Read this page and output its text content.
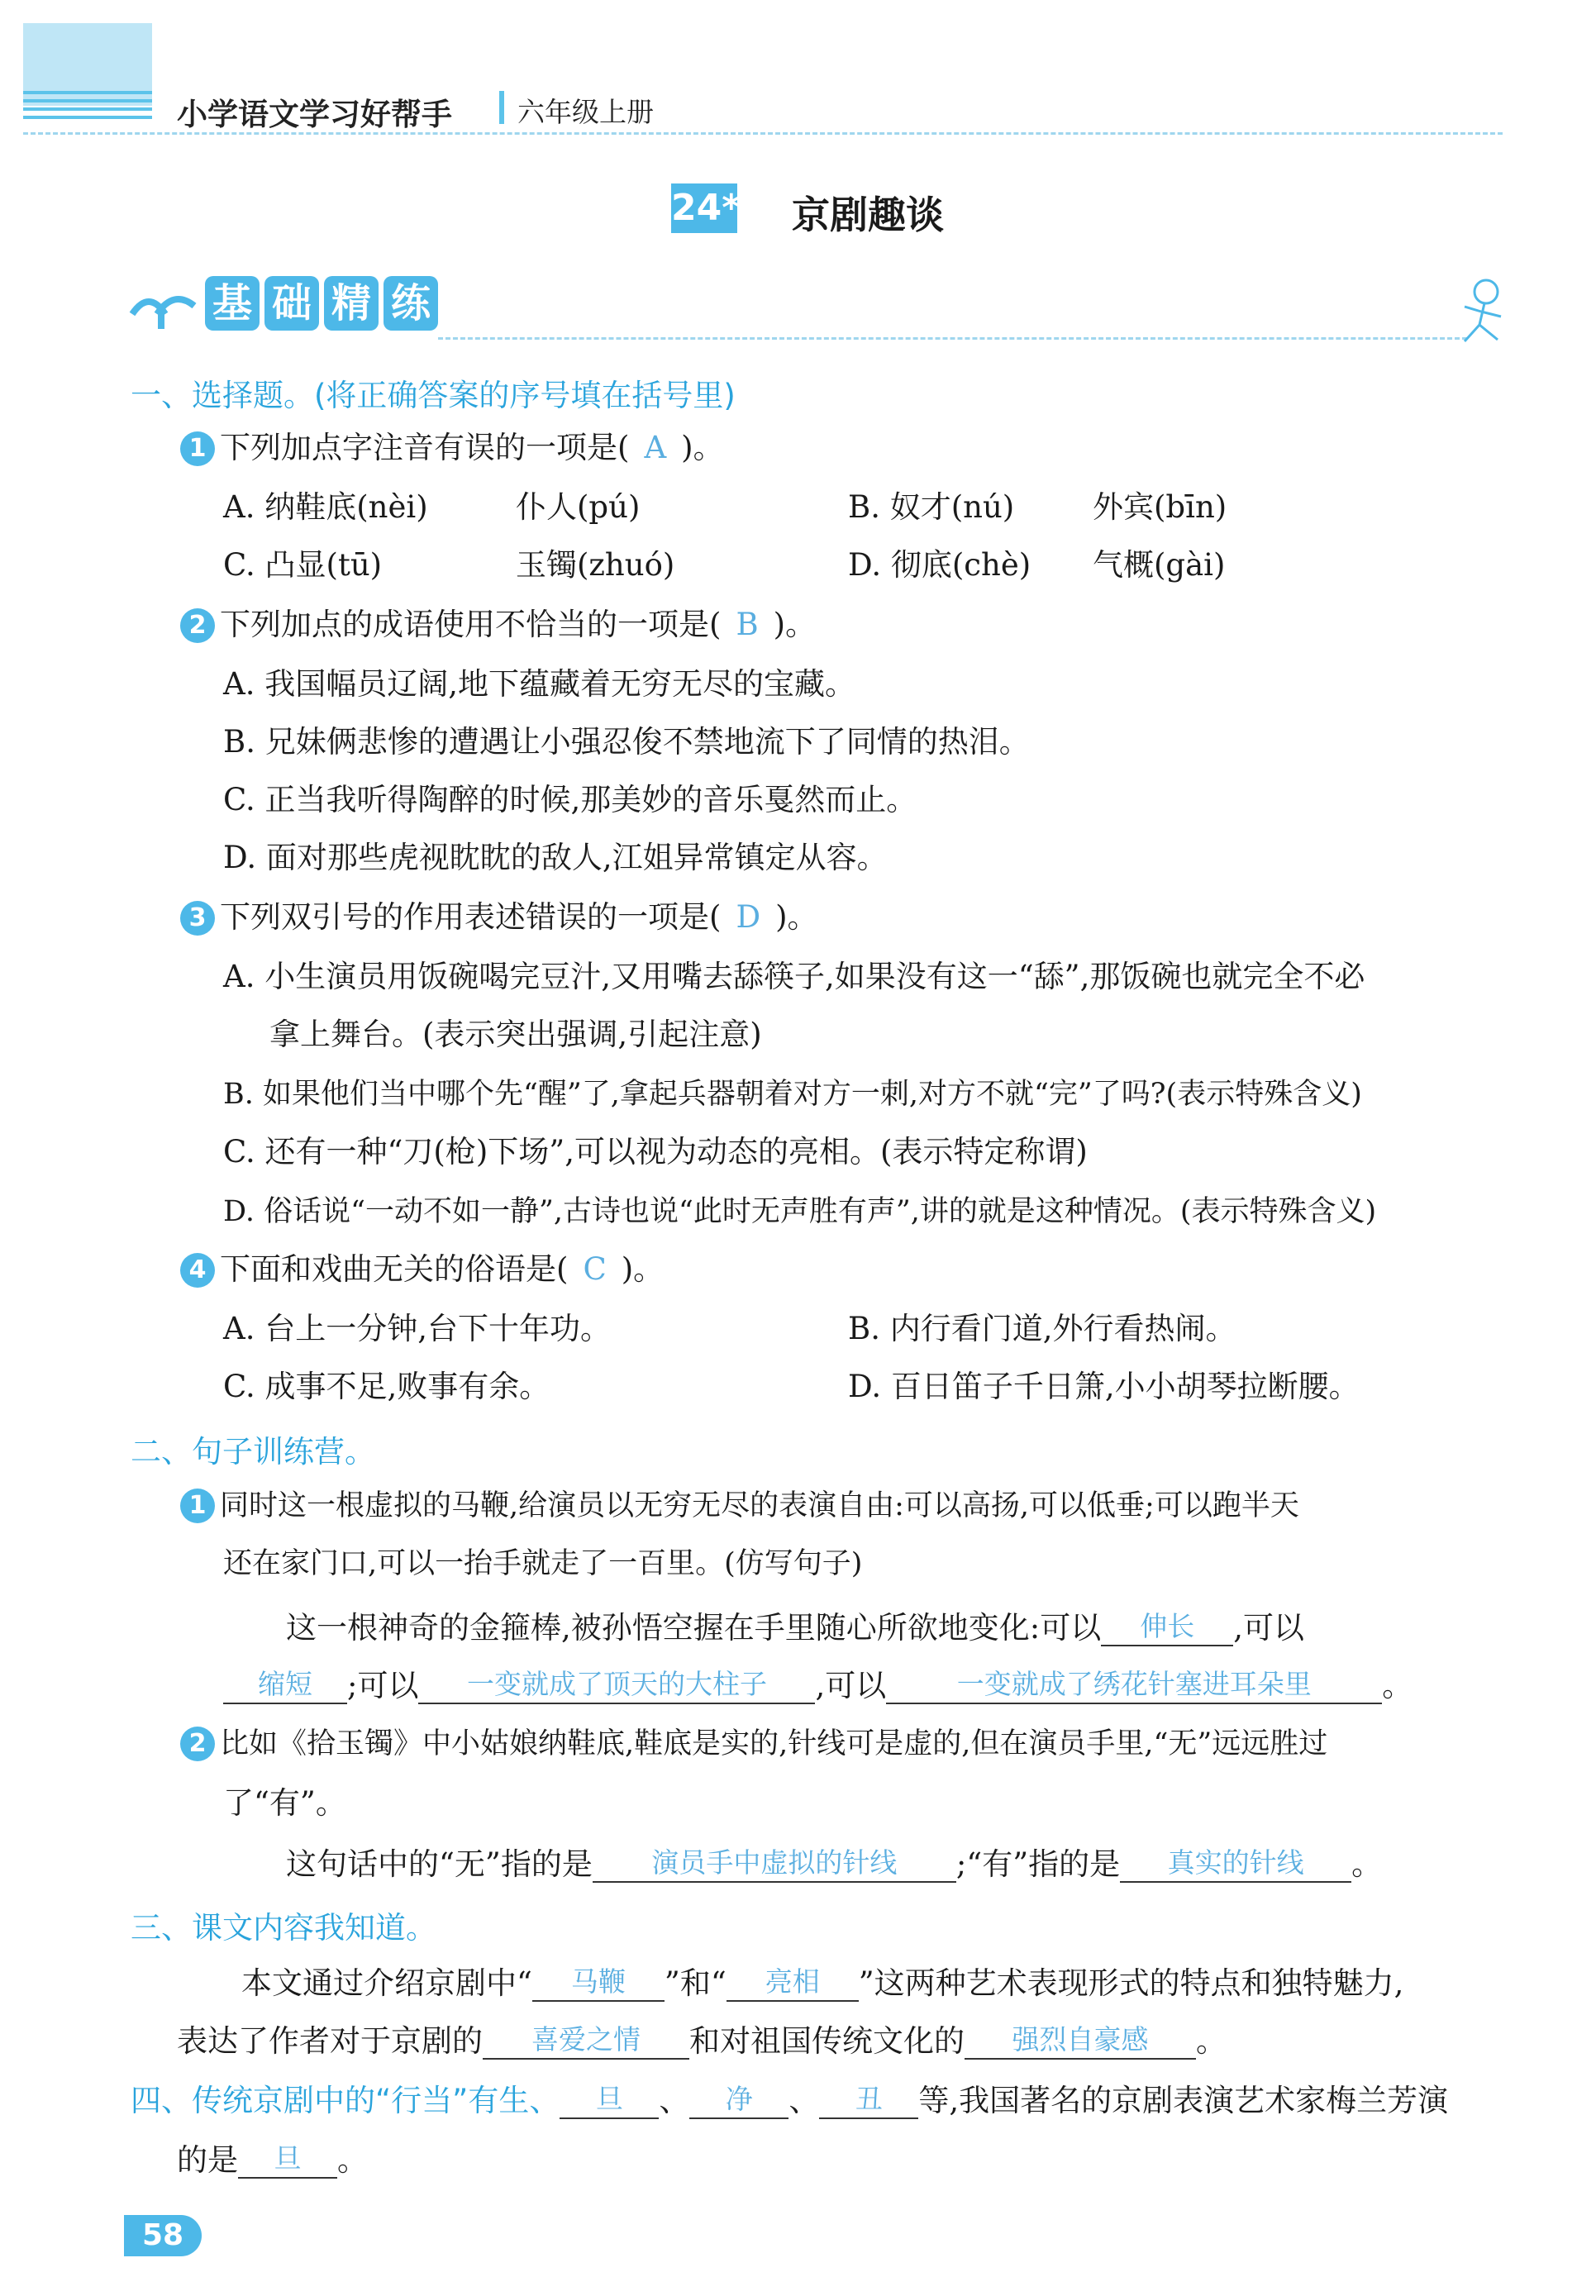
小学语文学习好帮手 六年级上册
24* 京剧趣谈
基 础 精 练
一、选择题。(将正确答案的序号填在括号里)
1 下列加点字注音有误的一项是( A )。
A. 纳鞋底(nèi)	仆人(pú)	B. 奴才(nú)	外宾(bīn)
C. 凸显(tū)	玉镯(zhuó)	D. 彻底(chè) 气概(gài)
2 下列加点的成语使用不恰当的一项是( B )。
A. 我国幅员辽阔,地下蕴藏着无穷无尽的宝藏。
B. 兄妹俩悲惨的遭遇让小强忍俊不禁地流下了同情的热泪。
C. 正当我听得陶醉的时候,那美妙的音乐戛然而止。
D. 面对那些虎视眈眈的敌人,江姐异常镇定从容。
3 下列双引号的作用表述错误的一项是( D )。
A. 小生演员用饭碗喝完豆汁,又用嘴去舔筷子,如果没有这一“舔”,那饭碗也就完全不必
拿上舞台。(表示突出强调,引起注意)
B. 如果他们当中哪个先“醒”了,拿起兵器朝着对方一刺,对方不就“完”了吗?(表示特殊含义)
C. 还有一种“刀(枪)下场”,可以视为动态的亮相。(表示特定称谓)
D. 俗话说“一动不如一静”,古诗也说“此时无声胜有声”,讲的就是这种情况。(表示特殊含义)
4 下面和戏曲无关的俗语是( C )。
A. 台上一分钟,台下十年功。	B. 内行看门道,外行看热闹。
C. 成事不足,败事有余。	D. 百日笛子千日箫,小小胡琴拉断腰。
二、句子训练营。
1 同时这一根虚拟的马鞭,给演员以无穷无尽的表演自由:可以高扬,可以低垂;可以跑半天
还在家门口,可以一抬手就走了一百里。(仿写句子)
这一根神奇的金箍棒,被孙悟空握在手里随心所欲地变化:可以 伸长 ,可以
缩短 ;可以 一变就成了顶天的大柱子 ,可以	一变就成了绣花针塞进耳朵里 。
2 比如《拾玉镯》中小姑娘纳鞋底,鞋底是实的,针线可是虚的,但在演员手里,“无”远远胜过
了“有”。
这句话中的“无”指的是 演员手中虚拟的针线 ;“有”指的是 真实的针线 。
三、课文内容我知道。
本文通过介绍京剧中“ 马鞭 ”和“ 亮相 ”这两种艺术表现形式的特点和独特魅力,
表达了作者对于京剧的 喜爱之情 和对祖国传统文化的 强烈自豪感 。
四、传统京剧中的“行当”有生、 旦 、 净 、 丑 等,我国著名的京剧表演艺术家梅兰芳演
的是 旦 。
58
